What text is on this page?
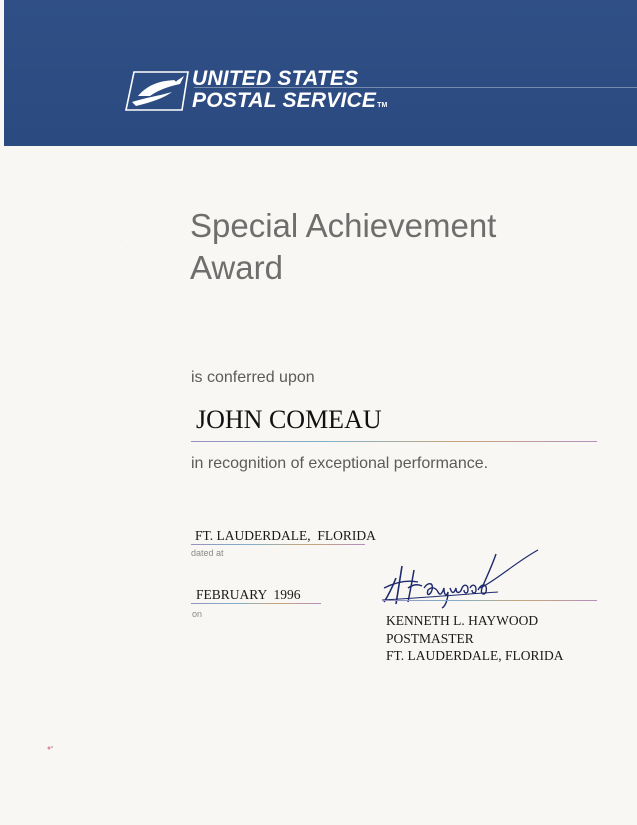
UNITED STATES
POSTAL SERVICETM
Special Achievement
Award
is conferred upon
JOHN COMEAU
in recognition of exceptional performance.
FT. LAUDERDALE,  FLORIDA
dated at
FEBRUARY  1996
on	KENNETH L. HAYWOOD
POSTMASTER
FT. LAUDERDALE, FLORIDA
